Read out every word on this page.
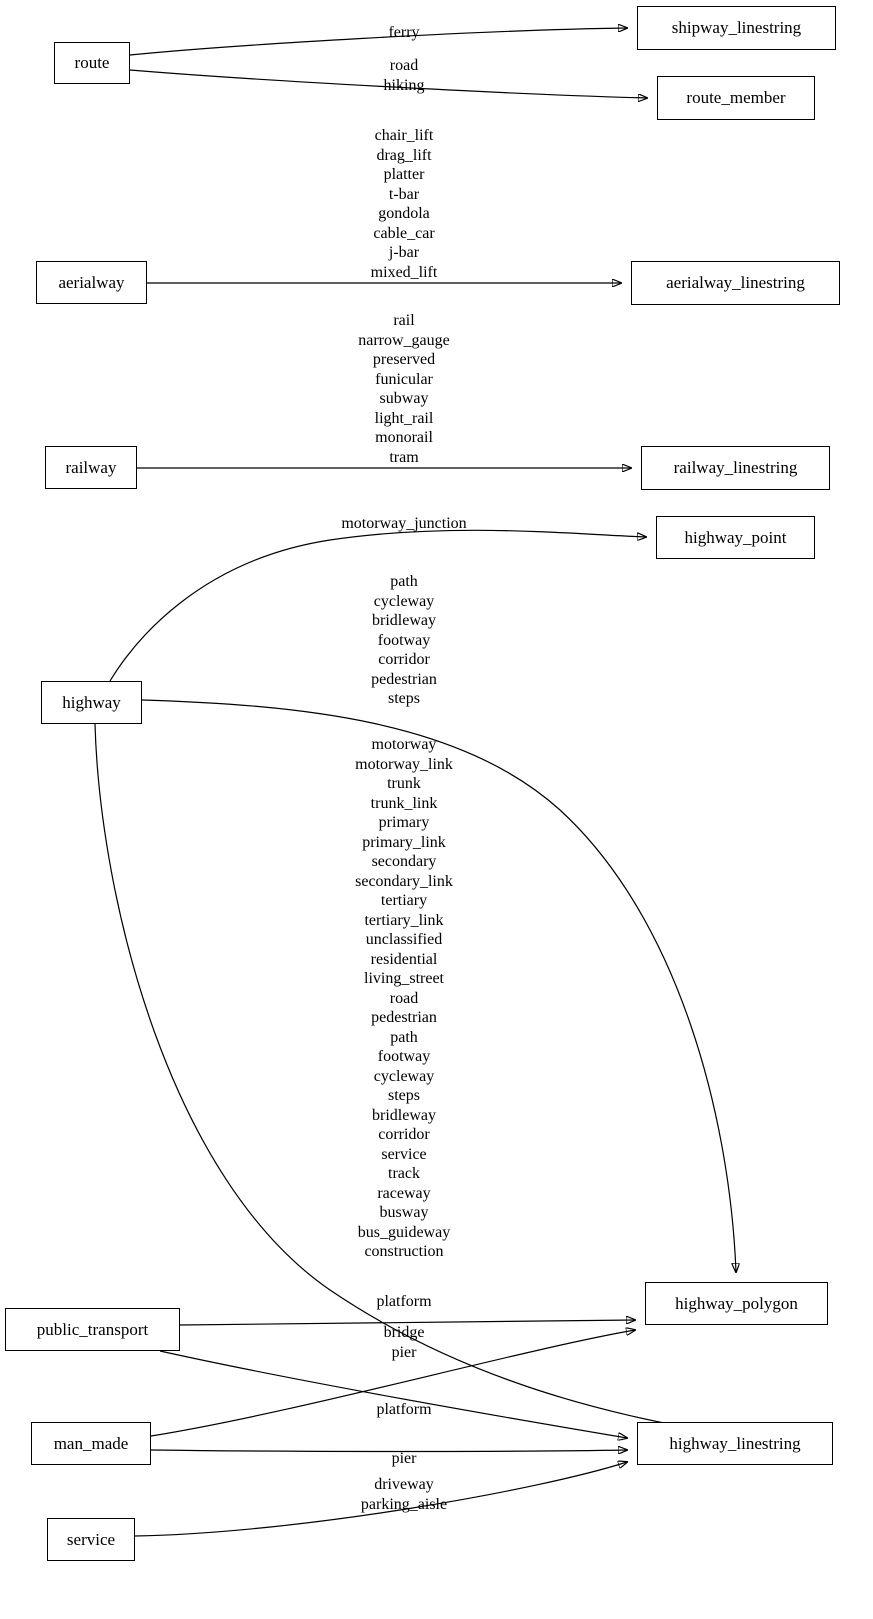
ferry
road
hiking
chair_lift
drag_lift
platter
t-bar
gondola
cable_car
j-bar
mixed_lift
rail
narrow_gauge
preserved
funicular
subway
light_rail
monorail
tram
motorway_junction
path
cycleway
bridleway
footway
corridor
pedestrian
steps
motorway
motorway_link
trunk
trunk_link
primary
primary_link
secondary
secondary_link
tertiary
tertiary_link
unclassified
residential
living_street
road
pedestrian
path
footway
cycleway
steps
bridleway
corridor
service
track
raceway
busway
bus_guideway
construction
platform
bridge
pier
platform
pier
driveway
parking_aisle
route
shipway_linestring
route_member
aerialway	aerialway_linestring
railway	railway_linestring
highway_point
highway
highway_polygon
public_transport
man_made	highway_linestring
service
